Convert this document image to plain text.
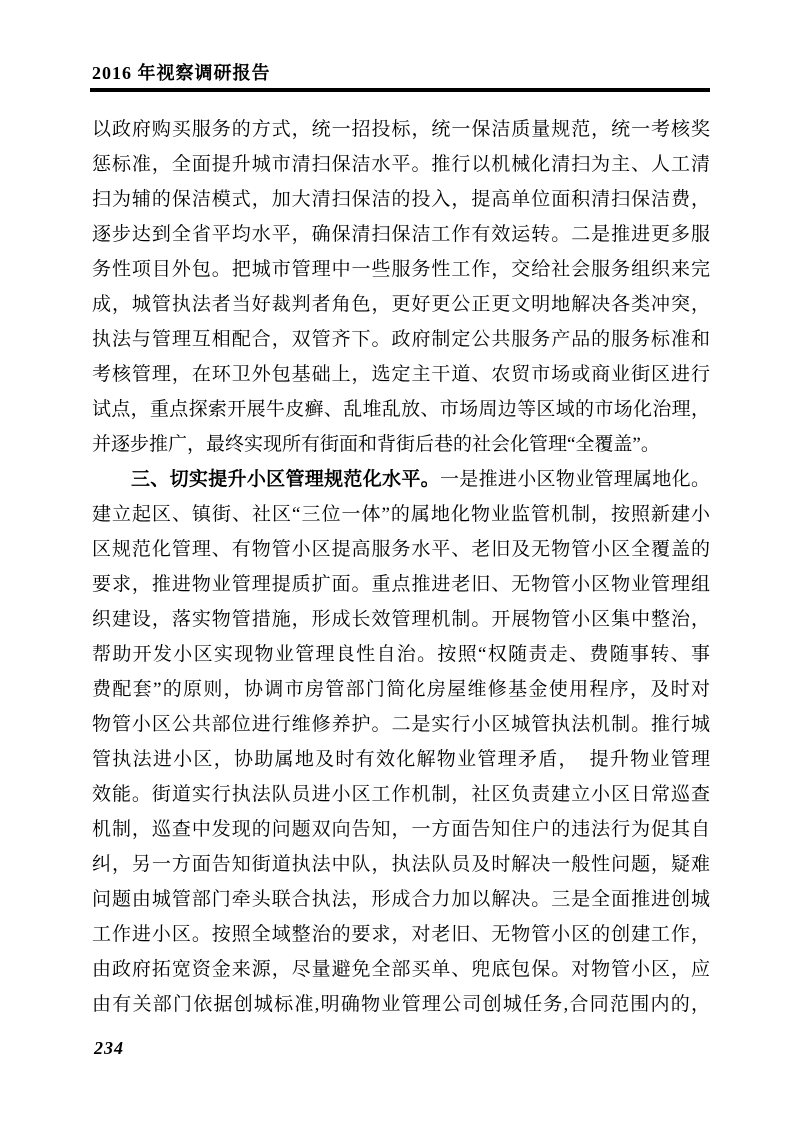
2016 年视察调研报告
以政府购买服务的方式，统一招投标，统一保洁质量规范，统一考核奖
惩标准，全面提升城市清扫保洁水平。推行以机械化清扫为主、人工清
扫为辅的保洁模式，加大清扫保洁的投入，提高单位面积清扫保洁费，
逐步达到全省平均水平，确保清扫保洁工作有效运转。二是推进更多服
务性项目外包。把城市管理中一些服务性工作，交给社会服务组织来完
成，城管执法者当好裁判者角色，更好更公正更文明地解决各类冲突，
执法与管理互相配合，双管齐下。政府制定公共服务产品的服务标准和
考核管理，在环卫外包基础上，选定主干道、农贸市场或商业街区进行
试点，重点探索开展牛皮癣、乱堆乱放、市场周边等区域的市场化治理，
并逐步推广，最终实现所有街面和背街后巷的社会化管理“全覆盖”。
三、切实提升小区管理规范化水平。一是推进小区物业管理属地化。
建立起区、镇街、社区“三位一体”的属地化物业监管机制，按照新建小
区规范化管理、有物管小区提高服务水平、老旧及无物管小区全覆盖的
要求，推进物业管理提质扩面。重点推进老旧、无物管小区物业管理组
织建设，落实物管措施，形成长效管理机制。开展物管小区集中整治，
帮助开发小区实现物业管理良性自治。按照“权随责走、费随事转、事
费配套”的原则，协调市房管部门简化房屋维修基金使用程序，及时对
物管小区公共部位进行维修养护。二是实行小区城管执法机制。推行城
管执法进小区，协助属地及时有效化解物业管理矛盾，　提升物业管理
效能。街道实行执法队员进小区工作机制，社区负责建立小区日常巡查
机制，巡查中发现的问题双向告知，一方面告知住户的违法行为促其自
纠，另一方面告知街道执法中队，执法队员及时解决一般性问题，疑难
问题由城管部门牵头联合执法，形成合力加以解决。三是全面推进创城
工作进小区。按照全域整治的要求，对老旧、无物管小区的创建工作，
由政府拓宽资金来源，尽量避免全部买单、兜底包保。对物管小区，应
由有关部门依据创城标准,明确物业管理公司创城任务,合同范围内的，
234
